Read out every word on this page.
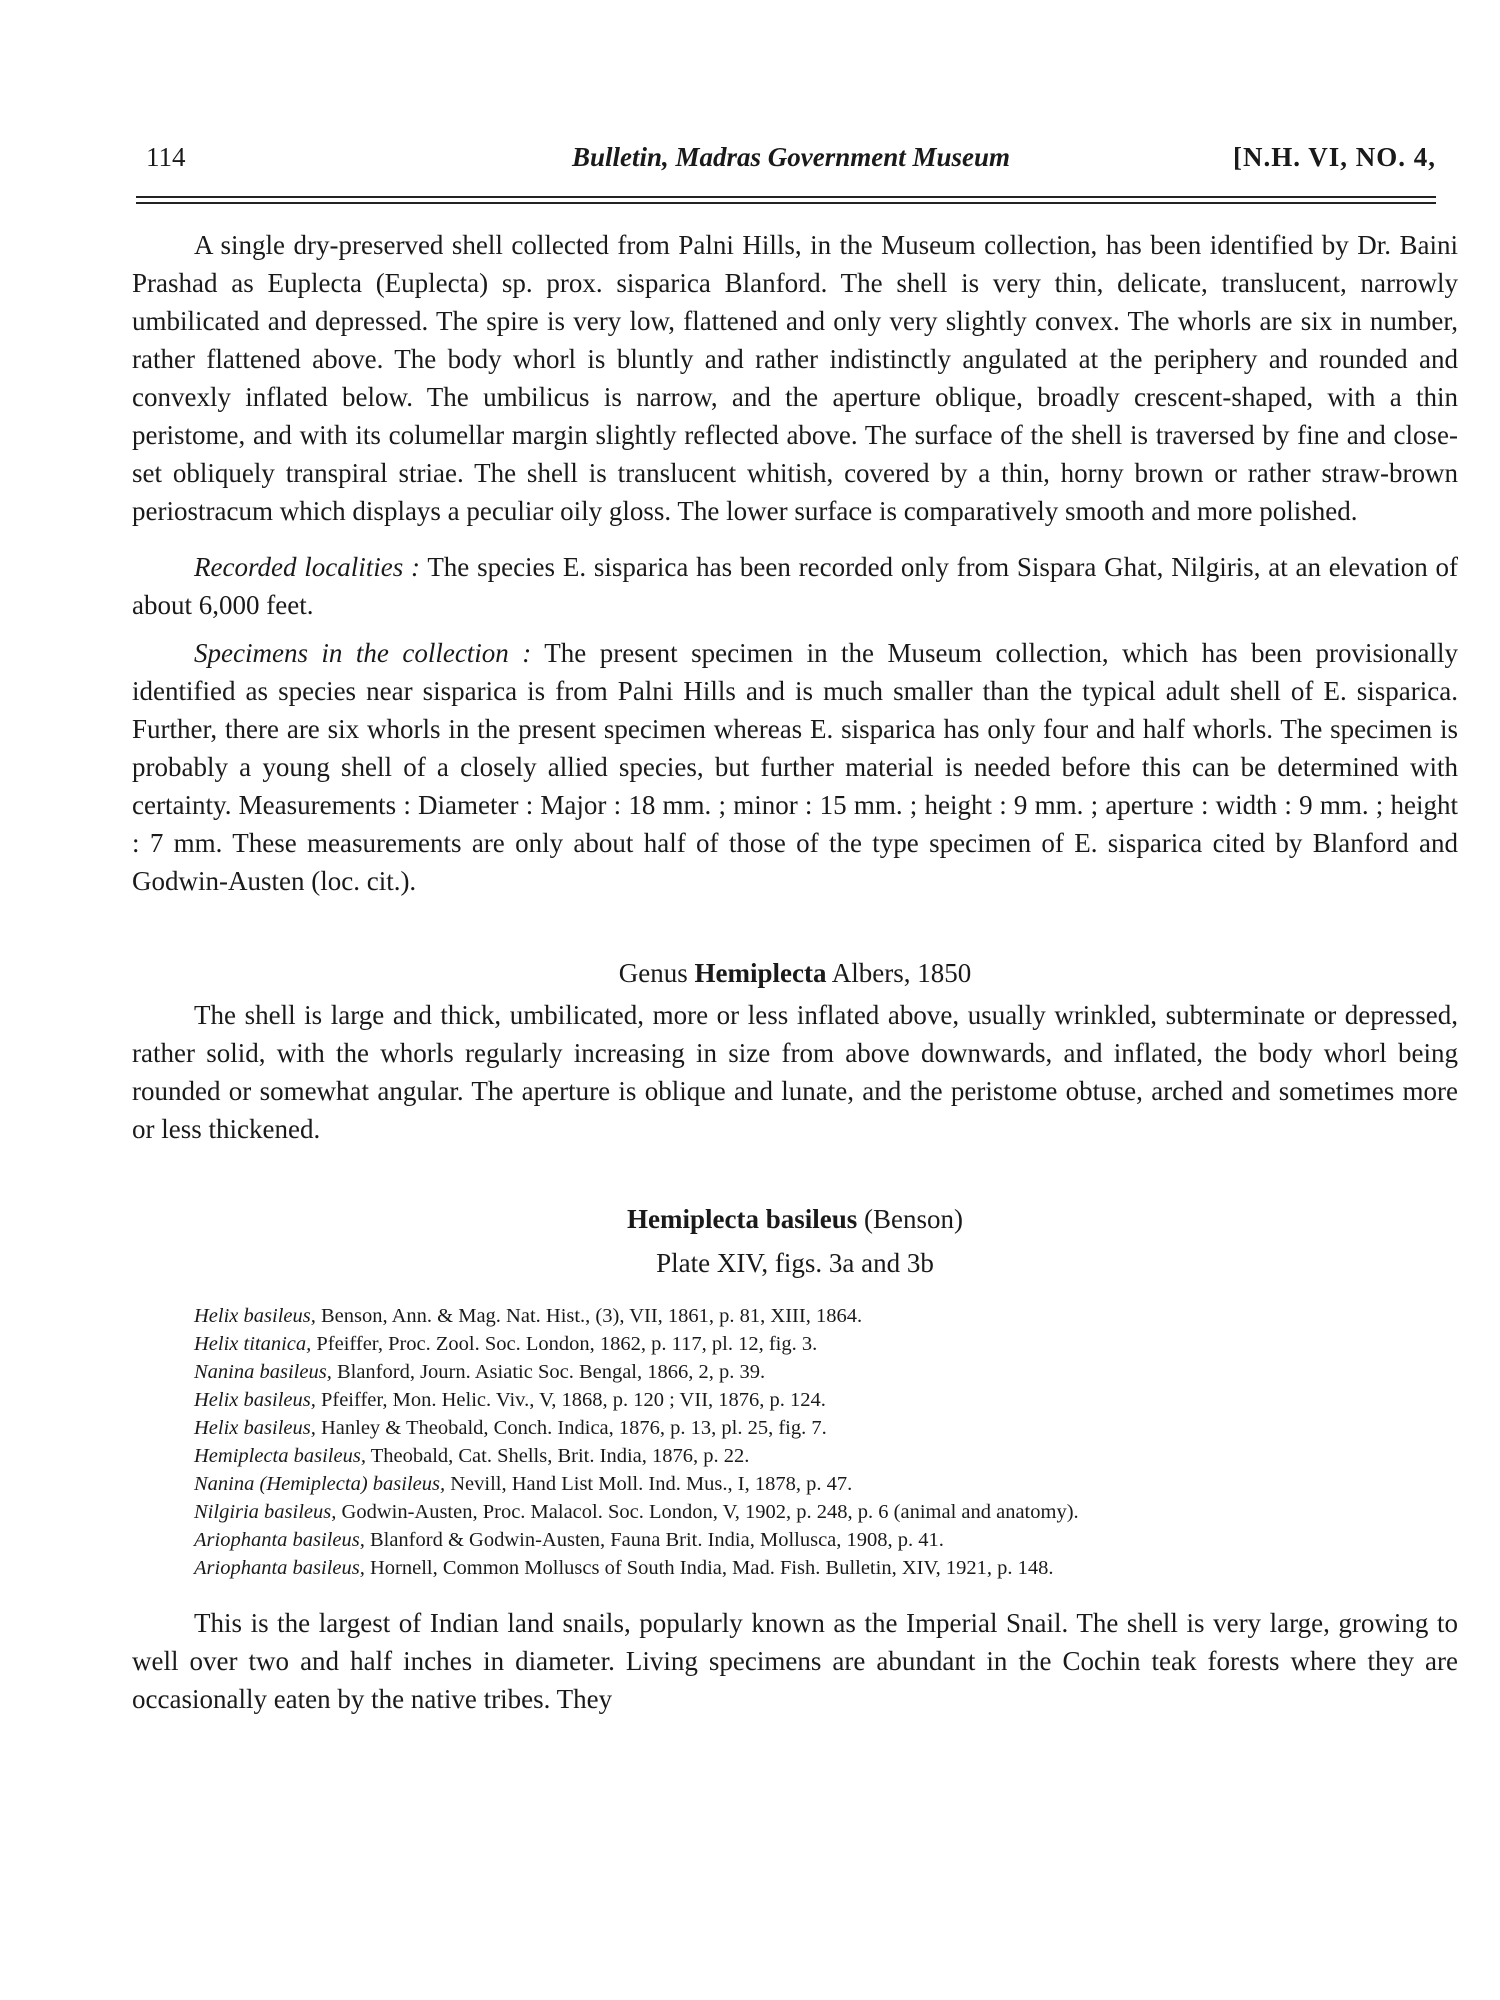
114	Bulletin, Madras Government Museum	[N.H. VI, NO. 4,

A single dry-preserved shell collected from Palni Hills, in the Museum collection, has been identified by Dr. Baini Prashad as Euplecta (Euplecta) sp. prox. sisparica Blanford. The shell is very thin, delicate, translucent, narrowly umbilicated and depressed. The spire is very low, flattened and only very slightly convex. The whorls are six in number, rather flattened above. The body whorl is bluntly and rather indistinctly angulated at the periphery and rounded and convexly inflated below. The umbilicus is narrow, and the aperture oblique, broadly crescent-shaped, with a thin peristome, and with its columellar margin slightly reflected above. The surface of the shell is traversed by fine and close-set obliquely transpiral striae. The shell is translucent whitish, covered by a thin, horny brown or rather straw-brown periostracum which displays a peculiar oily gloss. The lower surface is comparatively smooth and more polished.

Recorded localities : The species E. sisparica has been recorded only from Sispara Ghat, Nilgiris, at an elevation of about 6,000 feet.

Specimens in the collection : The present specimen in the Museum collection, which has been provisionally identified as species near sisparica is from Palni Hills and is much smaller than the typical adult shell of E. sisparica. Further, there are six whorls in the present specimen whereas E. sisparica has only four and half whorls. The specimen is probably a young shell of a closely allied species, but further material is needed before this can be determined with certainty. Measurements : Diameter : Major : 18 mm. ; minor : 15 mm. ; height : 9 mm. ; aperture : width : 9 mm. ; height : 7 mm. These measurements are only about half of those of the type specimen of E. sisparica cited by Blanford and Godwin-Austen (loc. cit.).

Genus Hemiplecta Albers, 1850

The shell is large and thick, umbilicated, more or less inflated above, usually wrinkled, subterminate or depressed, rather solid, with the whorls regularly increasing in size from above downwards, and inflated, the body whorl being rounded or somewhat angular. The aperture is oblique and lunate, and the peristome obtuse, arched and sometimes more or less thickened.

Hemiplecta basileus (Benson)
Plate XIV, figs. 3a and 3b
Helix basileus, Benson, Ann. & Mag. Nat. Hist., (3), VII, 1861, p. 81, XIII, 1864.
Helix titanica, Pfeiffer, Proc. Zool. Soc. London, 1862, p. 117, pl. 12, fig. 3.
Nanina basileus, Blanford, Journ. Asiatic Soc. Bengal, 1866, 2, p. 39.
Helix basileus, Pfeiffer, Mon. Helic. Viv., V, 1868, p. 120 ; VII, 1876, p. 124.
Helix basileus, Hanley & Theobald, Conch. Indica, 1876, p. 13, pl. 25, fig. 7.
Hemiplecta basileus, Theobald, Cat. Shells, Brit. India, 1876, p. 22.
Nanina (Hemiplecta) basileus, Nevill, Hand List Moll. Ind. Mus., I, 1878, p. 47.
Nilgiria basileus, Godwin-Austen, Proc. Malacol. Soc. London, V, 1902, p. 248, p. 6 (animal and anatomy).
Ariophanta basileus, Blanford & Godwin-Austen, Fauna Brit. India, Mollusca, 1908, p. 41.
Ariophanta basileus, Hornell, Common Molluscs of South India, Mad. Fish. Bulletin, XIV, 1921, p. 148.

This is the largest of Indian land snails, popularly known as the Imperial Snail. The shell is very large, growing to well over two and half inches in diameter. Living specimens are abundant in the Cochin teak forests where they are occasionally eaten by the native tribes. They
